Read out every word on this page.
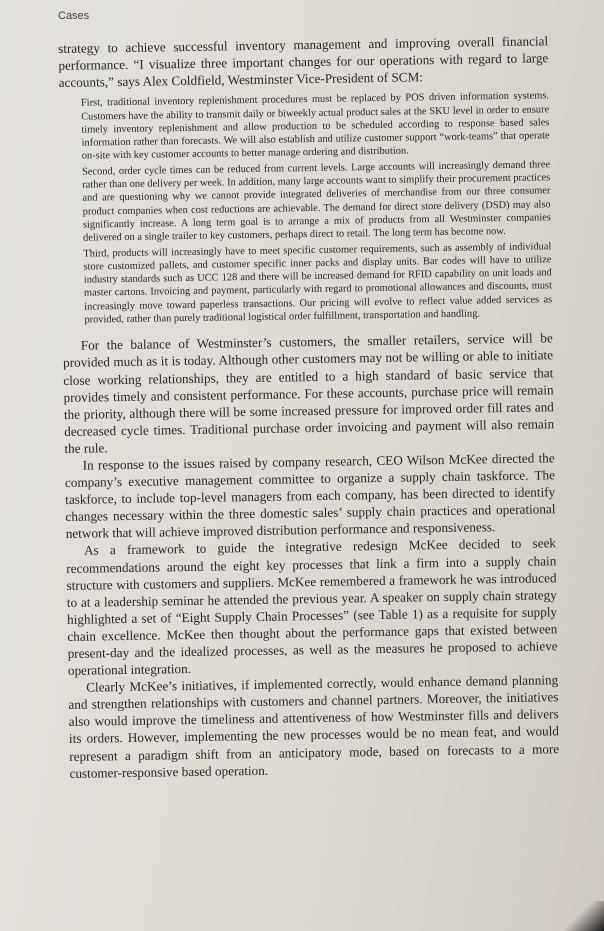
Cases

strategy to achieve successful inventory management and improving overall financial performance. “I visualize three important changes for our operations with regard to large accounts,” says Alex Coldfield, Westminster Vice-President of SCM:

First, traditional inventory replenishment procedures must be replaced by POS driven information systems. Customers have the ability to transmit daily or biweekly actual product sales at the SKU level in order to ensure timely inventory replenishment and allow production to be scheduled according to response based sales information rather than forecasts. We will also establish and utilize customer support “work-teams” that operate on-site with key customer accounts to better manage ordering and distribution.

Second, order cycle times can be reduced from current levels. Large accounts will increasingly demand three rather than one delivery per week. In addition, many large accounts want to simplify their procurement practices and are questioning why we cannot provide integrated deliveries of merchandise from our three consumer product companies when cost reductions are achievable. The demand for direct store delivery (DSD) may also significantly increase. A long term goal is to arrange a mix of products from all Westminster companies delivered on a single trailer to key customers, perhaps direct to retail. The long term has become now.

Third, products will increasingly have to meet specific customer requirements, such as assembly of individual store customized pallets, and customer specific inner packs and display units. Bar codes will have to utilize industry standards such as UCC 128 and there will be increased demand for RFID capability on unit loads and master cartons. Invoicing and payment, particularly with regard to promotional allowances and discounts, must increasingly move toward paperless transactions. Our pricing will evolve to reflect value added services as provided, rather than purely traditional logistical order fulfillment, transportation and handling.

For the balance of Westminster’s customers, the smaller retailers, service will be provided much as it is today. Although other customers may not be willing or able to initiate close working relationships, they are entitled to a high standard of basic service that provides timely and consistent performance. For these accounts, purchase price will remain the priority, although there will be some increased pressure for improved order fill rates and decreased cycle times. Traditional purchase order invoicing and payment will also remain the rule.

In response to the issues raised by company research, CEO Wilson McKee directed the company’s executive management committee to organize a supply chain taskforce. The taskforce, to include top-level managers from each company, has been directed to identify changes necessary within the three domestic sales’ supply chain practices and operational network that will achieve improved distribution performance and responsiveness.

As a framework to guide the integrative redesign McKee decided to seek recommendations around the eight key processes that link a firm into a supply chain structure with customers and suppliers. McKee remembered a framework he was introduced to at a leadership seminar he attended the previous year. A speaker on supply chain strategy highlighted a set of “Eight Supply Chain Processes” (see Table 1) as a requisite for supply chain excellence. McKee then thought about the performance gaps that existed between present-day and the idealized processes, as well as the measures he proposed to achieve operational integration.

Clearly McKee’s initiatives, if implemented correctly, would enhance demand planning and strengthen relationships with customers and channel partners. Moreover, the initiatives also would improve the timeliness and attentiveness of how Westminster fills and delivers its orders. However, implementing the new processes would be no mean feat, and would represent a paradigm shift from an anticipatory mode, based on forecasts to a more customer-responsive based operation.
